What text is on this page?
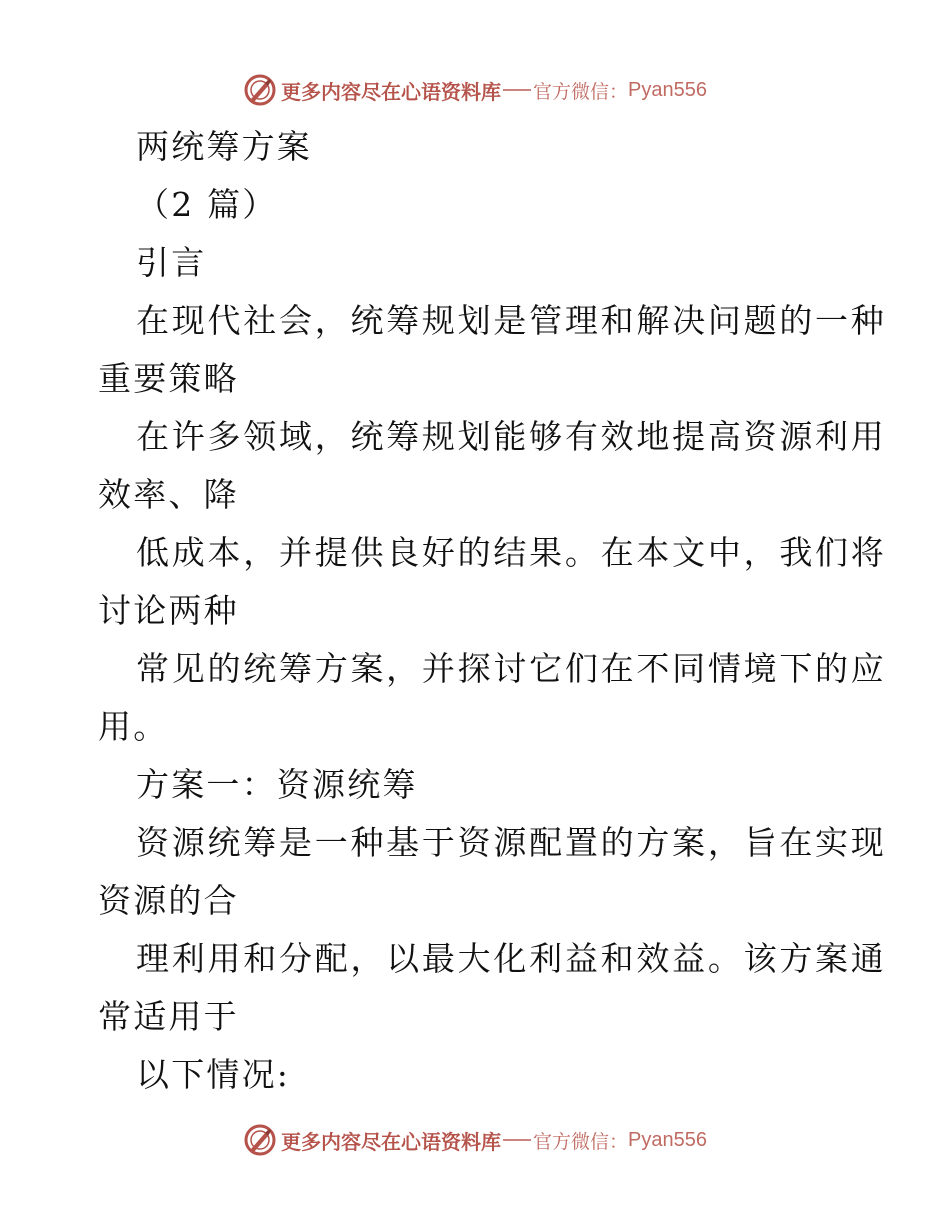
更多内容尽在心语资料库 官方微信： Pyan556
两统筹方案
（2 篇）
引言
在现代社会，统筹规划是管理和解决问题的一种
重要策略
在许多领域，统筹规划能够有效地提高资源利用
效率、降
低成本，并提供良好的结果。在本文中，我们将
讨论两种
常见的统筹方案，并探讨它们在不同情境下的应
用。
方案一：资源统筹
资源统筹是一种基于资源配置的方案，旨在实现
资源的合
理利用和分配，以最大化利益和效益。该方案通
常适用于
以下情况:
更多内容尽在心语资料库 官方微信： Pyan556
